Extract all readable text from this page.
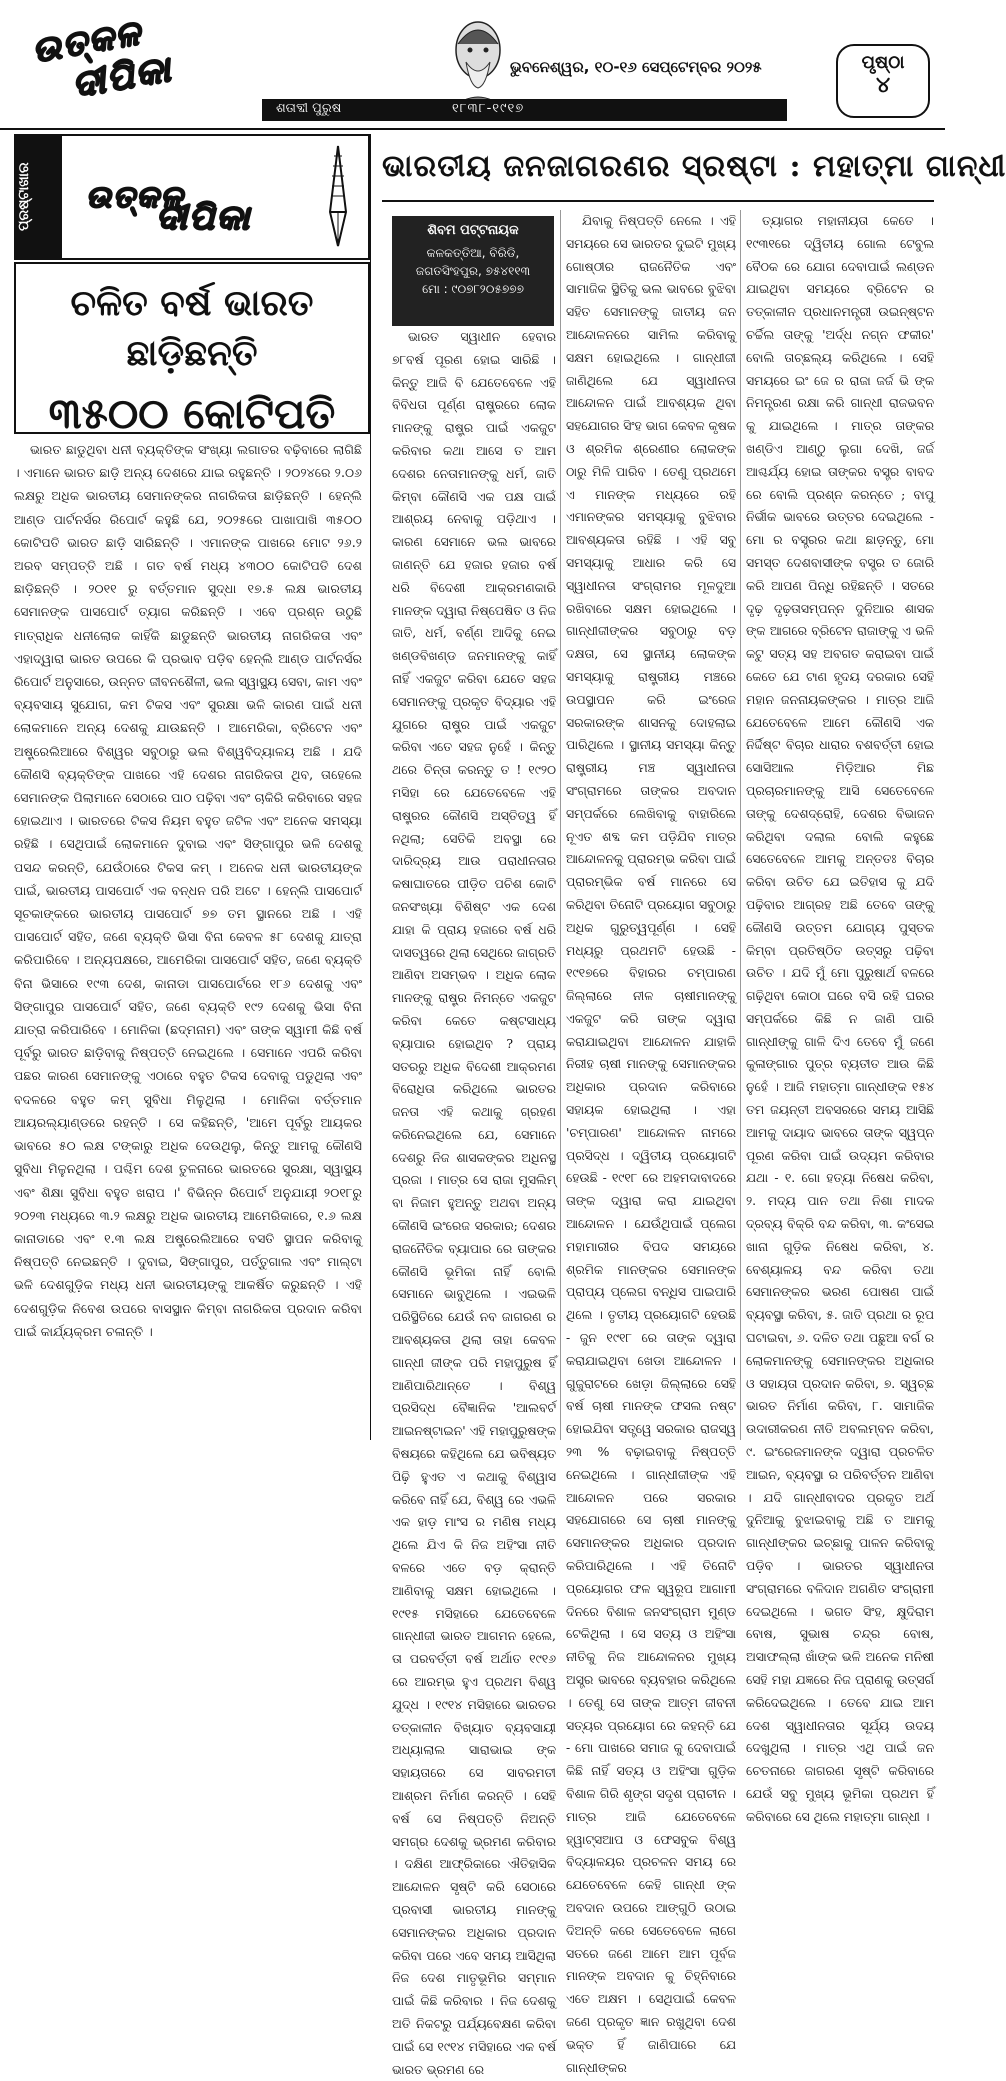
ଉତ୍କଳ
ଦୀପିକା	ଭୁବନେଶ୍ୱର, ୧୦-୧୬ ସେପ୍ଟେମ୍ବର ୨୦୨୫
ଶତାବ୍ଦୀ ପୁରୁଷ	୧୮୩୮-୧୯୧୭
ପୃଷ୍ଠା
୪
ପ୍ରଷ୍ଟାଖାର	ଉତ୍କଳ
ଦୀପିକା
ଚଳିତ ବର୍ଷ ଭାରତ ଛାଡ଼ିଛନ୍ତି
୩୫୦୦ କୋଟିପତି

ଭାରତ ଛାଡୁଥିବା ଧନୀ ବ୍ୟକ୍ତିଙ୍କ ସଂଖ୍ୟା ଲଗାତର ବଢ଼ିବାରେ ଲାଗିଛି । ଏମାନେ ଭାରତ ଛାଡ଼ି ଅନ୍ୟ ଦେଶରେ ଯାଇ ରହୁଛନ୍ତି । ୨୦୨୪ରେ ୨.୦୬ ଲକ୍ଷରୁ ଅଧିକ ଭାରତୀୟ ସେମାନଙ୍କର ନାଗରିକତା ଛାଡ଼ିଛନ୍ତି । ହେନ୍ଲି ଆଣ୍ଡ ପାର୍ଟନର୍ସର ରିପୋର୍ଟ କହୁଛି ଯେ, ୨୦୨୫ରେ ପାଖାପାଖି ୩୫୦୦ କୋଟିପତି ଭାରତ ଛାଡ଼ି ସାରିଛନ୍ତି । ଏମାନଙ୍କ ପାଖରେ ମୋଟ ୨୬.୨ ଅରବ ସମ୍ପତ୍ତି ଅଛି । ଗତ ବର୍ଷ ମଧ୍ୟ ୪୩୦୦ କୋଟିପତି ଦେଶ ଛାଡ଼ିଛନ୍ତି । ୨୦୧୧ ରୁ ବର୍ତ୍ତମାନ ସୁଦ୍ଧା ୧୭.୫ ଲକ୍ଷ ଭାରତୀୟ ସେମାନଙ୍କ ପାସପୋର୍ଟ ତ୍ୟାଗ କରିଛନ୍ତି । ଏବେ ପ୍ରଶ୍ନ ଉଠୁଛି ମାତ୍ରାଧିକ ଧନୀଲୋକ କାହିଁକି ଛାଡୁଛନ୍ତି ଭାରତୀୟ ନାଗରିକତା ଏବଂ ଏହାଦ୍ୱାରା ଭାରତ ଉପରେ କି ପ୍ରଭାବ ପଡ଼ିବ ହେନ୍ଲି ଆଣ୍ଡ ପାର୍ଟନର୍ସର ରିପୋର୍ଟ ଅନୁସାରେ, ଉନ୍ନତ ଜୀବନଶୈଳୀ, ଭଲ ସ୍ୱାସ୍ଥ୍ୟ ସେବା, କାମ ଏବଂ ବ୍ୟବସାୟ ସୁଯୋଗ, କମ ଟିକସ ଏବଂ ସୁରକ୍ଷା ଭଳି କାରଣ ପାଇଁ ଧନୀ ଲୋକମାନେ ଅନ୍ୟ ଦେଶକୁ ଯାଉଛନ୍ତି । ଆମେରିକା, ବ୍ରିଟେନ ଏବଂ ଅଷ୍ଟ୍ରେଲିଆରେ ବିଶ୍ୱର ସବୁଠାରୁ ଭଲ ବିଶ୍ୱବିଦ୍ୟାଳୟ ଅଛି । ଯଦି କୌଣସି ବ୍ୟକ୍ତିଙ୍କ ପାଖରେ ଏହି ଦେଶର ନାଗରିକତା ଥିବ, ତାହେଲେ ସେମାନଙ୍କ ପିଲାମାନେ ସେଠାରେ ପାଠ ପଢ଼ିବା ଏବଂ ଚାକିରି କରିବାରେ ସହଜ ହୋଇଥାଏ । ଭାରତରେ ଟିକସ ନିୟମ ବହୁତ ଜଟିଳ ଏବଂ ଅନେକ ସମସ୍ୟା ରହିଛି । ସେଥିପାଇଁ ଲୋକମାନେ ଦୁବାଇ ଏବଂ ସିଙ୍ଗାପୁର ଭଳି ଦେଶକୁ ପସନ୍ଦ କରନ୍ତି, ଯେଉଁଠାରେ ଟିକସ କମ୍ । ଅନେକ ଧନୀ ଭାରତୀୟଙ୍କ ପାଇଁ, ଭାରତୀୟ ପାସପୋର୍ଟ ଏକ ବନ୍ଧନ ପରି ଅଟେ । ହେନ୍ଲି ପାସପୋର୍ଟ ସୂଚକାଙ୍କରେ ଭାରତୀୟ ପାସପୋର୍ଟ ୭୭ ତମ ସ୍ଥାନରେ ଅଛି । ଏହି ପାସପୋର୍ଟ ସହିତ, ଜଣେ ବ୍ୟକ୍ତି ଭିସା ବିନା କେବଳ ୫୮ ଦେଶକୁ ଯାତ୍ରା କରିପାରିବେ । ଅନ୍ୟପକ୍ଷରେ, ଆମେରିକା ପାସପୋର୍ଟ ସହିତ, ଜଣେ ବ୍ୟକ୍ତି ବିନା ଭିସାରେ ୧୯୩ ଦେଶ, କାନାଡା ପାସପୋର୍ଟରେ ୧୮୬ ଦେଶକୁ ଏବଂ ସିଙ୍ଗାପୁର ପାସପୋର୍ଟ ସହିତ, ଜଣେ ବ୍ୟକ୍ତି ୧୯୨ ଦେଶକୁ ଭିସା ବିନା ଯାତ୍ରା କରିପାରିବେ । ମୋନିକା (ଛଦ୍ମନାମ) ଏବଂ ତାଙ୍କ ସ୍ୱାମୀ କିଛି ବର୍ଷ ପୂର୍ବରୁ ଭାରତ ଛାଡ଼ିବାକୁ ନିଷ୍ପତ୍ତି ନେଇଥିଲେ । ସେମାନେ ଏପରି କରିବା ପଛର କାରଣ ସେମାନଙ୍କୁ ଏଠାରେ ବହୁତ ଟିକସ ଦେବାକୁ ପଡୁଥିଲା ଏବଂ ବଦଳରେ ବହୁତ କମ୍ ସୁବିଧା ମିଳୁଥିଲା । ମୋନିକା ବର୍ତ୍ତମାନ ଆୟରଲ୍ୟାଣ୍ଡରେ ରହନ୍ତି । ସେ କହିଛନ୍ତି, 'ଆମେ ପୂର୍ବରୁ ଆୟକର ଭାବରେ ୫୦ ଲକ୍ଷ ଟଙ୍କାରୁ ଅଧିକ ଦେଉଥିଲୁ, କିନ୍ତୁ ଆମକୁ କୌଣସି ସୁବିଧା ମିଳୁନଥିଲା । ପଶ୍ଚିମ ଦେଶ ତୁଳନାରେ ଭାରତରେ ସୁରକ୍ଷା, ସ୍ୱାସ୍ଥ୍ୟ ଏବଂ ଶିକ୍ଷା ସୁବିଧା ବହୁତ ଖରାପ ।' ବିଭିନ୍ନ ରିପୋର୍ଟ ଅନୁଯାୟୀ ୨୦୧୮ରୁ ୨୦୨୩ ମଧ୍ୟରେ ୩.୨ ଲକ୍ଷରୁ ଅଧିକ ଭାରତୀୟ ଆମେରିକାରେ, ୧.୬ ଲକ୍ଷ କାନାଡାରେ ଏବଂ ୧.୩ ଲକ୍ଷ ଅଷ୍ଟ୍ରେଲିଆରେ ବସତି ସ୍ଥାପନ କରିବାକୁ ନିଷ୍ପତ୍ତି ନେଇଛନ୍ତି । ଦୁବାଇ, ସିଙ୍ଗାପୁର, ପର୍ତ୍ତୁଗାଲ ଏବଂ ମାଲ୍ଟା ଭଳି ଦେଶଗୁଡ଼ିକ ମଧ୍ୟ ଧନୀ ଭାରତୀୟଙ୍କୁ ଆକର୍ଷିତ କରୁଛନ୍ତି । ଏହି ଦେଶଗୁଡ଼ିକ ନିବେଶ ଉପରେ ବାସସ୍ଥାନ କିମ୍ବା ନାଗରିକତା ପ୍ରଦାନ କରିବା ପାଇଁ କାର୍ଯ୍ୟକ୍ରମ ଚଳାନ୍ତି ।

ଭାରତୀୟ ଜନଜାଗରଣର ସ୍ରଷ୍ଟା : ମହାତ୍ମା ଗାନ୍ଧୀ
ଶିବମ ପଟ୍ଟନାୟକ
କଳକତ୍ତିଆ, ବିରିଡି,
ଜଗତସିଂହପୁର, ୭୫୪୧୧୩
ମୋ : ୯୦୭୮୨୦୫୭୭୭

ଭାରତ ସ୍ୱାଧୀନ ହେବାର ୭୮ବର୍ଷ ପୂରଣ ହୋଇ ସାରିଛି । କିନ୍ତୁ ଆଜି ବି ଯେତେବେଳେ ଏହି ବିବିଧତା ପୂର୍ଣ୍ଣ ରାଷ୍ଟ୍ରରେ ଲୋକ ମାନଙ୍କୁ ରାଷ୍ଟ୍ର ପାଇଁ ଏକଜୁଟ କରିବାର କଥା ଆସେ ତ ଆମ ଦେଶର ନେତାମାନଙ୍କୁ ଧର୍ମ, ଜାତି କିମ୍ବା କୌଣସି ଏକ ପକ୍ଷ ପାଇଁ ଆଶ୍ରୟ ନେବାକୁ ପଡ଼ିଥାଏ । କାରଣ ସେମାନେ ଭଲ ଭାବରେ ଜାଣନ୍ତି ଯେ ହଜାର ହଜାର ବର୍ଷ ଧରି ବିଦେଶୀ ଆକ୍ରମଣକାରି ମାନଙ୍କ ଦ୍ୱାରା ନିଷ୍ପେଷିତ ଓ ନିଜ ଜାତି, ଧର୍ମ, ବର୍ଣ୍ଣ ଆଦିକୁ ନେଇ ଖଣ୍ଡବିଖଣ୍ଡ ଜନମାନଙ୍କୁ କାହିଁ ନାହିଁ ଏକଜୁଟ କରିବା ଯେତେ ସହଜ ସେମାନଙ୍କୁ ପ୍ରକୃତ ବିଦ୍ୟାର ଏହି ଯୁଗରେ ରାଷ୍ଟ୍ର ପାଇଁ ଏକଜୁଟ କରିବା ଏତେ ସହଜ ନୁହେଁ । କିନ୍ତୁ ଥରେ ଚିନ୍ତା କରନ୍ତୁ ତ ! ୧୯୨୦ ମସିହା ରେ ଯେତେବେଳେ ଏହି ରାଷ୍ଟ୍ରର କୌଣସି ଅସ୍ତିତ୍ୱ ହିଁ ନଥିଲା; ସେତିକି ଅବସ୍ଥା ରେ ଦାରିଦ୍ର୍ୟ ଆଉ ପରାଧୀନତାର କଷାଘାତରେ ପୀଡ଼ିତ ପଚିଶ କୋଟି ଜନସଂଖ୍ୟା ବିଶିଷ୍ଟ ଏକ ଦେଶ ଯାହା କି ପ୍ରାୟ ହଜାରେ ବର୍ଷ ଧରି ଦାସତ୍ୱରେ ଥିଲା ସେଥିରେ ଜାଗ୍ରତି ଆଣିବା ଅସମ୍ଭବ । ଅଧିକ ଲୋକ ମାନଙ୍କୁ ରାଷ୍ଟ୍ର ନିମନ୍ତେ ଏକଜୁଟ କରିବା କେତେ କଷ୍ଟସାଧ୍ୟ ବ୍ୟାପାର ହୋଇଥିବ ? ପ୍ରାୟ ସତରରୁ ଅଧିକ ବିଦେଶୀ ଆକ୍ରମଣ ବିରୋଧିତା କରିଥିଲେ ଭାରତର ଜନତା ଏହି କଥାକୁ ଗ୍ରହଣ କରିନେଇଥିଲେ ଯେ, ସେମାନେ ଦେଶରୁ ନିଜ ଶାସକଙ୍କର ଅଧିନସ୍ଥ ପ୍ରଜା । ମାତ୍ର ସେ ରାଜା ମୁସଲିମ୍ ବା ନିଜାମ ହୁଅନ୍ତୁ ଅଥବା ଅନ୍ୟ କୌଣସି ଇଂରେଜ ସରକାର; ଦେଶର ରାଜନୈତିକ ବ୍ୟାପାର ରେ ତାଙ୍କର କୌଣସି ଭୂମିକା ନାହିଁ ବୋଲି ସେମାନେ ଭାବୁଥିଲେ । ଏଇଭଳି ପରିସ୍ଥିତିରେ ଯେଉଁ ନବ ଜାଗରଣ ର ଆବଶ୍ୟକତା ଥିଲା ତାହା କେବଳ ଗାନ୍ଧୀ ଜୀଙ୍କ ପରି ମହାପୁରୁଷ ହିଁ ଆଣିପାରିଥାନ୍ତେ । ବିଶ୍ୱ ପ୍ରସିଦ୍ଧ ବୈଜ୍ଞାନିକ 'ଆଲବର୍ଟ ଆଇନଷ୍ଟାଇନ' ଏହି ମହାପୁରୁଷଙ୍କ ବିଷୟରେ କହିଥିଲେ ଯେ ଭବିଷ୍ୟତ ପିଢ଼ି ହୁଏତ ଏ କଥାକୁ ବିଶ୍ୱାସ କରିବେ ନାହିଁ ଯେ, ବିଶ୍ୱ ରେ ଏଭଳି ଏକ ହାଡ଼ ମାଂସ ର ମଣିଷ ମଧ୍ୟ ଥିଲେ ଯିଏ କି ନିଜ ଅହିଂସା ନୀତି ବଳରେ ଏତେ ବଡ଼ କ୍ରାନ୍ତି ଆଣିବାକୁ ସକ୍ଷମ ହୋଇଥିଲେ । ୧୯୧୫ ମସିହାରେ ଯେତେବେଳେ ଗାନ୍ଧୀଜୀ ଭାରତ ଆଗମନ ହେଲେ, ତା ପରବର୍ତ୍ତୀ ବର୍ଷ ଅର୍ଥାତ ୧୯୧୬ ରେ ଆରମ୍ଭ ହୁଏ ପ୍ରଥମ ବିଶ୍ୱ ଯୁଦ୍ଧ । ୧୯୧୪ ମସିହାରେ ଭାରତର ତତ୍କାଳୀନ ବିଖ୍ୟାତ ବ୍ୟବସାୟୀ ଅଧ୍ୟାଲାଲ ସାରାଭାଇ ଙ୍କ ସହାୟତାରେ ସେ ସାବରମତୀ ଆଶ୍ରମ ନିର୍ମାଣ କରନ୍ତି । ସେହି ବର୍ଷ ସେ ନିଷ୍ପତ୍ତି ନିଅନ୍ତି ସମଗ୍ର ଦେଶକୁ ଭ୍ରମଣ କରିବାର । ଦକ୍ଷିଣ ଆଫ୍ରିକାରେ ଐତିହାସିକ ଆନ୍ଦୋଳନ ସୃଷ୍ଟି କରି ସେଠାରେ ପ୍ରବାସୀ ଭାରତୀୟ ମାନଙ୍କୁ ସେମାନଙ୍କର ଅଧିକାର ପ୍ରଦାନ କରିବା ପରେ ଏବେ ସମୟ ଆସିଥିଲା ନିଜ ଦେଶ ମାତୃଭୂମିର ସମ୍ମାନ ପାଇଁ କିଛି କରିବାର । ନିଜ ଦେଶକୁ ଅତି ନିକଟରୁ ପର୍ଯ୍ୟବେକ୍ଷଣ କରିବା ପାଇଁ ସେ ୧୯୧୪ ମସିହାରେ ଏକ ବର୍ଷ ଭାରତ ଭ୍ରମଣ ରେ

ଯିବାକୁ ନିଷ୍ପତ୍ତି ନେଲେ । ଏହି ସମୟରେ ସେ ଭାରତର ଦୁଇଟି ମୁଖ୍ୟ ଗୋଷ୍ଠୀର ରାଜନୈତିକ ଏବଂ ସାମାଜିକ ସ୍ଥିତିକୁ ଭଲ ଭାବରେ ବୁଝିବା ସହିତ ସେମାନଙ୍କୁ ଜାତୀୟ ଜନ ଆନ୍ଦୋଳନରେ ସାମିଲ କରିବାକୁ ସକ୍ଷମ ହୋଇଥିଲେ । ଗାନ୍ଧୀଜୀ ଜାଣିଥିଲେ ଯେ ସ୍ୱାଧୀନତା ଆନ୍ଦୋଳନ ପାଇଁ ଆବଶ୍ୟକ ଥିବା ସହଯୋଗର ସିଂହ ଭାଗ କେବଳ କୃଷକ ଓ ଶ୍ରମିକ ଶ୍ରେଣୀର ଲୋକଙ୍କ ଠାରୁ ମିଳି ପାରିବ । ତେଣୁ ପ୍ରଥମେ ଏ ମାନଙ୍କ ମଧ୍ୟରେ ରହି ଏମାନଙ୍କର ସମସ୍ୟାକୁ ବୁଝିବାର ଆବଶ୍ୟକତା ରହିଛି । ଏହି ସବୁ ସମସ୍ୟାକୁ ଆଧାର କରି ସେ ସ୍ୱାଧୀନତା ସଂଗ୍ରାମର ମୂଳଦୁଆ ରଖିବାରେ ସକ୍ଷମ ହୋଇଥିଲେ । ଗାନ୍ଧୀଜୀଙ୍କର ସବୁଠାରୁ ବଡ଼ ଦକ୍ଷତା, ସେ ସ୍ଥାନୀୟ ଲୋକଙ୍କ ସମସ୍ୟାକୁ ରାଷ୍ଟ୍ରୀୟ ମଞ୍ଚରେ ଉପସ୍ଥାପନ କରି ଇଂରେଜ ସରକାରଙ୍କ ଶାସନକୁ ଦୋହଲାଇ ପାରିଥିଲେ । ସ୍ଥାନୀୟ ସମସ୍ୟା କିନ୍ତୁ ରାଷ୍ଟ୍ରୀୟ ମଞ୍ଚ ସ୍ୱାଧୀନତା ସଂଗ୍ରାମରେ ତାଙ୍କର ଅବଦାନ ସମ୍ପର୍କରେ ଲେଖିବାକୁ ବାହାରିଲେ ନୂଏତ ଶବ୍ଦ କମ ପଡ଼ିଯିବ ମାତ୍ର ଆନ୍ଦୋଳନକୁ ପ୍ରାରମ୍ଭ କରିବା ପାଇଁ ପ୍ରାରମ୍ଭିକ ବର୍ଷ ମାନରେ ସେ କରିଥିବା ତିନୋଟି ପ୍ରୟୋଗ ସବୁଠାରୁ ଅଧିକ ଗୁରୁତ୍ୱପୂର୍ଣ୍ଣ । ସେହି ମଧ୍ୟରୁ ପ୍ରଥମଟି ହେଉଛି - ୧୯୧୭ରେ ବିହାରର ଚମ୍ପାରଣ ଜିଲ୍ଲାରେ ନୀଳ ଚାଷୀମାନଙ୍କୁ ଏକଜୁଟ କରି ତାଙ୍କ ଦ୍ୱାରା କରାଯାଇଥିବା ଆନ୍ଦୋଳନ ଯାହାକି ନିରୀହ ଚାଷୀ ମାନଙ୍କୁ ସେମାନଙ୍କର ଅଧିକାର ପ୍ରଦାନ କରିବାରେ ସହାୟକ ହୋଇଥିଲା । ଏହା 'ଚମ୍ପାରଣ' ଆନ୍ଦୋଳନ ନାମରେ ପ୍ରସିଦ୍ଧ । ଦ୍ୱିତୀୟ ପ୍ରୟୋଗଟି ହେଉଛି - ୧୯୧୮ ରେ ଅହମଦାବାଦରେ ତାଙ୍କ ଦ୍ୱାରା କରା ଯାଇଥିବା ଆନ୍ଦୋଳନ । ଯେଉଁଥିପାଇଁ ପ୍ଲେଗ ମହାମାରୀର ବିପଦ ସମୟରେ ଶ୍ରମିକ ମାନଙ୍କର ସେମାନଙ୍କ ପ୍ରାପ୍ୟ ପ୍ଲେଗ ବନ୍ଧିସ ପାଇପାରି ଥିଲେ । ତୃତୀୟ ପ୍ରୟୋଗଟି ହେଉଛି - ଜୁନ ୧୯୧୮ ରେ ତାଙ୍କ ଦ୍ୱାରା କରାଯାଇଥିବା ଖେଡା ଆନ୍ଦୋଳନ । ଗୁଜୁରାଟରେ ଖେଡ଼ା ଜିଲ୍ଲାରେ ସେହି ବର୍ଷ ଚାଷୀ ମାନଙ୍କ ଫସଲ ନଷ୍ଟ ହୋଇଯିବା ସତ୍ତ୍ୱେ ସରକାର ରାଜସ୍ୱ ୨୩ % ବଢ଼ାଇବାକୁ ନିଷ୍ପତ୍ତି ନେଇଥିଲେ । ଗାନ୍ଧୀଜୀଙ୍କ ଏହି ଆନ୍ଦୋଳନ ପରେ ସରକାର ସହଯୋଗରେ ସେ ଚାଷୀ ମାନଙ୍କୁ ସେମାନଙ୍କର ଅଧିକାର ପ୍ରଦାନ କରିପାରିଥିଲେ । ଏହି ତିନୋଟି ପ୍ରୟୋଗର ଫଳ ସ୍ୱରୂପ ଆଗାମୀ ଦିନରେ ବିଶାଳ ଜନସଂଗ୍ରାମ ମୁଣ୍ଡ ଟେକିଥିଲା । ସେ ସତ୍ୟ ଓ ଅହିଂସା ନୀତିକୁ ନିଜ ଆନ୍ଦୋଳନର ମୁଖ୍ୟ ଅସ୍ତ୍ର ଭାବରେ ବ୍ୟବହାର କରିଥିଲେ । ତେଣୁ ସେ ତାଙ୍କ ଆତ୍ମ ଜୀବନୀ ସତ୍ୟର ପ୍ରୟୋଗ ରେ କହନ୍ତି ଯେ - ମୋ ପାଖରେ ସମାଜ କୁ ଦେବାପାଇଁ କିଛି ନାହିଁ ସତ୍ୟ ଓ ଅହିଂସା ଗୁଡ଼ିକ ବିଶାଳ ଗିରି ଶୃଙ୍ଗ ସଦୃଶ ପ୍ରାଚୀନ । ମାତ୍ର ଆଜି ଯେତେବେଳେ ହ୍ୱାଟ୍ସଆପ ଓ ଫେସବୁକ ବିଶ୍ୱ ବିଦ୍ୟାଳୟର ପ୍ରଚଳନ ସମୟ ରେ ଯେତେବେଳେ କେହି ଗାନ୍ଧୀ ଙ୍କ ଅବଦାନ ଉପରେ ଆଙ୍ଗୁଠି ଉଠାଇ ଦିଅନ୍ତି କରେ ସେତେବେଳେ ଲାଗେ ସତରେ ଜଣେ ଆମେ ଆମ ପୂର୍ବଜ ମାନଙ୍କ ଅବଦାନ କୁ ଚିହ୍ନିବାରେ ଏତେ ଅକ୍ଷମ । ସେଥିପାଇଁ କେବଳ ଜଣେ ପ୍ରକୃତ ଜ୍ଞାନ ରଖୁଥିବା ଦେଶ ଭକ୍ତ ହିଁ ଜାଣିପାରେ ଯେ ଗାନ୍ଧୀଙ୍କର

ତ୍ୟାଗର ମହାନୀୟତା କେତେ । ୧୯୩୧ରେ ଦ୍ୱିତୀୟ ଗୋଲ ଟେବୁଲ ବୈଠକ ରେ ଯୋଗ ଦେବାପାଇଁ ଲଣ୍ଡନ ଯାଇଥିବା ସମୟରେ ବ୍ରିଟେନ ର ତତ୍କାଳୀନ ପ୍ରଧାନମନ୍ତ୍ରୀ ଉଇନ୍‌ଷ୍ଟନ ଚର୍ଚ୍ଚିଲ ତାଙ୍କୁ 'ଅର୍ଦ୍ଧ ନଗ୍ନ ଫକୀର' ବୋଲି ତାଚ୍ଛଲ୍ୟ କରିଥିଲେ । ସେହି ସମୟରେ ଇଂ ଜେ ର ରାଜା ଜର୍ଜ ଭି ଙ୍କ ନିମନ୍ତ୍ରଣ ରକ୍ଷା କରି ଗାନ୍ଧୀ ରାଜଭବନ କୁ ଯାଇଥିଲେ । ମାତ୍ର ତାଙ୍କର ଖଣ୍ଡିଏ ଆଣ୍ଠୁ ଲୁଗା ଦେଖି, ଜର୍ଜ ଆଶ୍ଚର୍ଯ୍ୟ ହୋଇ ତାଙ୍କର ବସ୍ତ୍ର ବାବଦ ରେ ବୋଲି ପ୍ରଶ୍ନ କରନ୍ତେ ; ବାପୁ ନିର୍ଭୀକ ଭାବରେ ଉତ୍ତର ଦେଇଥିଲେ - ମୋ ର ବସ୍ତ୍ରର କଥା ଛାଡ଼ନ୍ତୁ, ମୋ ସମସ୍ତ ଦେଶବାସୀଙ୍କ ବସ୍ତ୍ର ତ ଜୋରି କରି ଆପଣ ପିନ୍ଧି ରହିଛନ୍ତି । ସତରେ ଦୃଢ଼ ଦୃଢ଼ତାସମ୍ପନ୍ନ ଦୁନିଆର ଶାସକ ଙ୍କ ଆଗରେ ବ୍ରିଟେନ ରାଜାଙ୍କୁ ଏ ଭଳି କଟୁ ସତ୍ୟ ସହ ଅବଗତ କରାଇବା ପାଇଁ କେତେ ଯେ ଟାଣ ହୃଦୟ ଦରକାର ସେହି ମହାନ ଜନନାୟକଙ୍କର । ମାତ୍ର ଆଜି ଯେତେବେଳେ ଆମେ କୌଣସି ଏକ ନିର୍ଦ୍ଦିଷ୍ଟ ବିଚାର ଧାରାର ବଶବର୍ତ୍ତୀ ହୋଇ ସୋସିଆଲ ମିଡ଼ିଆର ମିଛ ପ୍ରଚାରମାନଙ୍କୁ ଆସି ସେତେବେଳେ ତାଙ୍କୁ ଦେଶଦ୍ରୋହି, ଦେଶର ବିଭାଜନ କରିଥିବା ଦଲାଲ ବୋଲି କହୁଛେ ସେତେବେଳେ ଆମକୁ ଅନ୍ତତଃ ବିଚାର କରିବା ଉଚିତ ଯେ ଇତିହାସ କୁ ଯଦି ପଢ଼ିବାର ଆଗ୍ରହ ଅଛି ତେବେ ତାଙ୍କୁ କୌଣସି ଉତ୍ତମ ଯୋଗ୍ୟ ପୁସ୍ତକ କିମ୍ବା ପ୍ରତିଷ୍ଠିତ ଉତ୍ସରୁ ପଢ଼ିବା ଉଚିତ । ଯଦି ମୁଁ ମୋ ପୁରୁଷାର୍ଥ ବଳରେ ଗଢ଼ିଥିବା କୋଠା ଘରେ ବସି ରହି ଘରର ସମ୍ପର୍କରେ କିଛି ନ ଜାଣି ପାରି ଗାନ୍ଧୀଙ୍କୁ ଗାଳି ଦିଏ ତେବେ ମୁଁ ଜଣେ କୁଳାଙ୍ଗାର ପୁତ୍ର ବ୍ୟତୀତ ଆଉ କିଛି ନୁହେଁ । ଆଜି ମହାତ୍ମା ଗାନ୍ଧୀଙ୍କ ୧୫୪ ତମ ଜୟନ୍ତୀ ଅବସରରେ ସମୟ ଆସିଛି ଆମକୁ ଦାୟାଦ ଭାବରେ ତାଙ୍କ ସ୍ୱପ୍ନ ପୂରଣ କରିବା ପାଇଁ ଉଦ୍ୟମ କରିବାର ଯଥା - ୧. ଗୋ ହତ୍ୟା ନିଷେଧ କରିବା, ୨. ମଦ୍ୟ ପାନ ତଥା ନିଶା ମାଦକ ଦ୍ରବ୍ୟ ବିକ୍ରି ବନ୍ଦ କରିବା, ୩. କଂସେଇ ଖାନା ଗୁଡ଼ିକ ନିଷେଧ କରିବା, ୪. ବେଶ୍ୟାଳୟ ବନ୍ଦ କରିବା ତଥା ସେମାନଙ୍କର ଭରଣ ପୋଷଣ ପାଇଁ ବ୍ୟବସ୍ଥା କରିବା, ୫. ଜାତି ପ୍ରଥା ର ରୂପ ଘଟାଇବା, ୬. ଦଳିତ ତଥା ପଛୁଆ ବର୍ଗ ର ଲୋକମାନଙ୍କୁ ସେମାନଙ୍କର ଅଧିକାର ଓ ସହାୟତା ପ୍ରଦାନ କରିବା, ୭. ସ୍ୱଚ୍ଛ ଭାରତ ନିର୍ମାଣ କରିବା, ୮. ସାମାଜିକ ଉଦାରୀକରଣ ନୀତି ଅବଲମ୍ବନ କରିବା, ୯. ଇଂରେଜମାନଙ୍କ ଦ୍ୱାରା ପ୍ରଚଳିତ ଆଇନ, ବ୍ୟବସ୍ଥା ର ପରିବର୍ତ୍ତନ ଆଣିବା । ଯଦି ଗାନ୍ଧୀବାଦର ପ୍ରକୃତ ଅର୍ଥ ଦୁନିଆକୁ ବୁଝାଇବାକୁ ଅଛି ତ ଆମକୁ ଗାନ୍ଧୀଙ୍କର ଇଚ୍ଛାକୁ ପାଳନ କରିବାକୁ ପଡ଼ିବ । ଭାରତର ସ୍ୱାଧୀନତା ସଂଗ୍ରାମରେ ବଳିଦାନ ଅଗଣିତ ସଂଗ୍ରାମୀ ଦେଇଥିଲେ । ଭଗତ ସିଂହ, କ୍ଷୁଦିରାମ ବୋଷ, ସୁଭାଷ ଚନ୍ଦ୍ର ବୋଷ, ଅସାଫଲ୍ଲା ଖାଁଙ୍କ ଭଳି ଅନେକ ମନିଷୀ ସେହି ମହା ଯଜ୍ଞରେ ନିଜ ପ୍ରାଣକୁ ଉତ୍ସର୍ଗ କରିଦେଇଥିଲେ । ତେବେ ଯାଇ ଆମ ଦେଶ ସ୍ୱାଧୀନତାର ସୂର୍ଯ୍ୟ ଉଦୟ ଦେଖୁଥିଲା । ମାତ୍ର ଏଥି ପାଇଁ ଜନ ଚେତନାରେ ଜାଗରଣ ସୃଷ୍ଟି କରିବାରେ ଯେଉଁ ସବୁ ମୁଖ୍ୟ ଭୂମିକା ପ୍ରଥମ ହିଁ କରିବାରେ ସେ ଥିଲେ ମହାତ୍ମା ଗାନ୍ଧୀ ।
